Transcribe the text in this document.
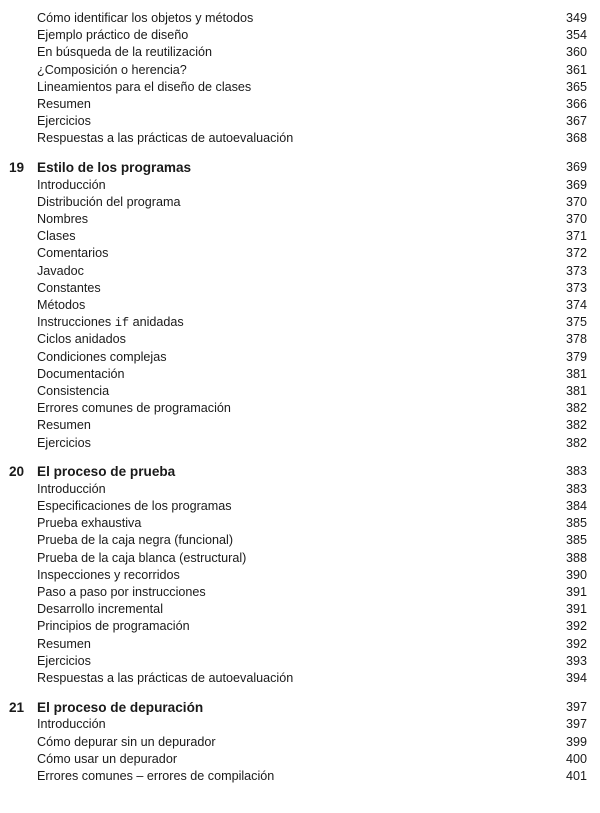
Cómo identificar los objetos y métodos	349
Ejemplo práctico de diseño	354
En búsqueda de la reutilización	360
¿Composición o herencia?	361
Lineamientos para el diseño de clases	365
Resumen	366
Ejercicios	367
Respuestas a las prácticas de autoevaluación	368
19 Estilo de los programas	369
Introducción	369
Distribución del programa	370
Nombres	370
Clases	371
Comentarios	372
Javadoc	373
Constantes	373
Métodos	374
Instrucciones if anidadas	375
Ciclos anidados	378
Condiciones complejas	379
Documentación	381
Consistencia	381
Errores comunes de programación	382
Resumen	382
Ejercicios	382
20 El proceso de prueba	383
Introducción	383
Especificaciones de los programas	384
Prueba exhaustiva	385
Prueba de la caja negra (funcional)	385
Prueba de la caja blanca (estructural)	388
Inspecciones y recorridos	390
Paso a paso por instrucciones	391
Desarrollo incremental	391
Principios de programación	392
Resumen	392
Ejercicios	393
Respuestas a las prácticas de autoevaluación	394
21 El proceso de depuración	397
Introducción	397
Cómo depurar sin un depurador	399
Cómo usar un depurador	400
Errores comunes – errores de compilación	401
